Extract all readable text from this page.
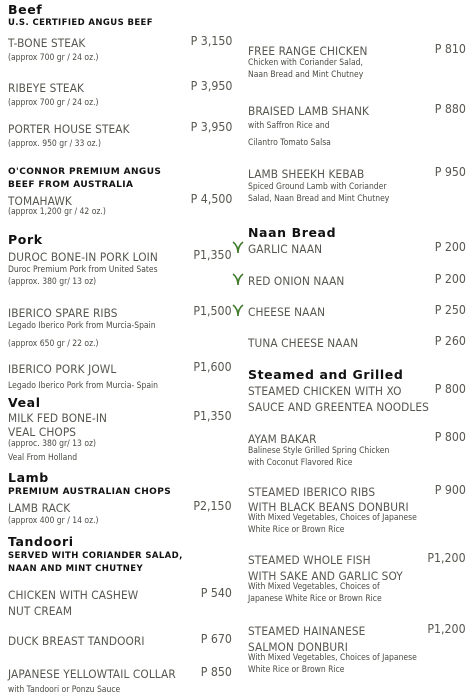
Beef
U.S. CERTIFIED ANGUS BEEF
T-BONE STEAK	P 3,150
(approx 700 gr / 24 oz.)
RIBEYE STEAK	P 3,950
(approx 700 gr / 24 oz.)
PORTER HOUSE STEAK	P 3,950
(approx. 950 gr / 33 oz.)
O'CONNOR PREMIUM ANGUS
BEEF FROM AUSTRALIA
TOMAHAWK	P 4,500
(approx 1,200 gr / 42 oz.)
Pork
DUROC BONE-IN PORK LOIN	P1,350
Duroc Premium Pork from United Sates
(approx. 380 gr/ 13 oz)
IBERICO SPARE RIBS	P1,500
Legado Iberico Pork from Murcia-Spain
(approx 650 gr / 22 oz.)
IBERICO PORK JOWL	P1,600
Legado Iberico Pork from Murcia- Spain
Veal
MILK FED BONE-IN	P1,350
VEAL CHOPS
(approc. 380 gr/ 13 oz)
Veal From Holland
Lamb
PREMIUM AUSTRALIAN CHOPS
LAMB RACK	P2,150
(approx 400 gr / 14 oz.)
Tandoori
SERVED WITH CORIANDER SALAD,
NAAN AND MINT CHUTNEY
CHICKEN WITH CASHEW	P 540
NUT CREAM
DUCK BREAST TANDOORI	P 670
JAPANESE YELLOWTAIL COLLAR P 850
with Tandoori or Ponzu Sauce
FREE RANGE CHICKEN	P 810
Chicken with Coriander Salad,
Naan Bread and Mint Chutney
BRAISED LAMB SHANK	P 880
with Saffron Rice and
Cilantro Tomato Salsa
LAMB SHEEKH KEBAB	P 950
Spiced Ground Lamb with Coriander
Salad, Naan Bread and Mint Chutney
Naan Bread
GARLIC NAAN	P 200
RED ONION NAAN	P 200
CHEESE NAAN	P 250
TUNA CHEESE NAAN	P 260
Steamed and Grilled
STEAMED CHICKEN WITH XO	P 800
SAUCE AND GREENTEA NOODLES
AYAM BAKAR	P 800
Balinese Style Grilled Spring Chicken
with Coconut Flavored Rice
STEAMED IBERICO RIBS	P 900
WITH BLACK BEANS DONBURI
With Mixed Vegetables, Choices of Japanese
White Rice or Brown Rice
STEAMED WHOLE FISH	P1,200
WITH SAKE AND GARLIC SOY
With Mixed Vegetables, Choices of
Japanese White Rice or Brown Rice
STEAMED HAINANESE	P1,200
SALMON DONBURI
With Mixed Vegetables, Choices of Japanese
White Rice or Brown Rice
